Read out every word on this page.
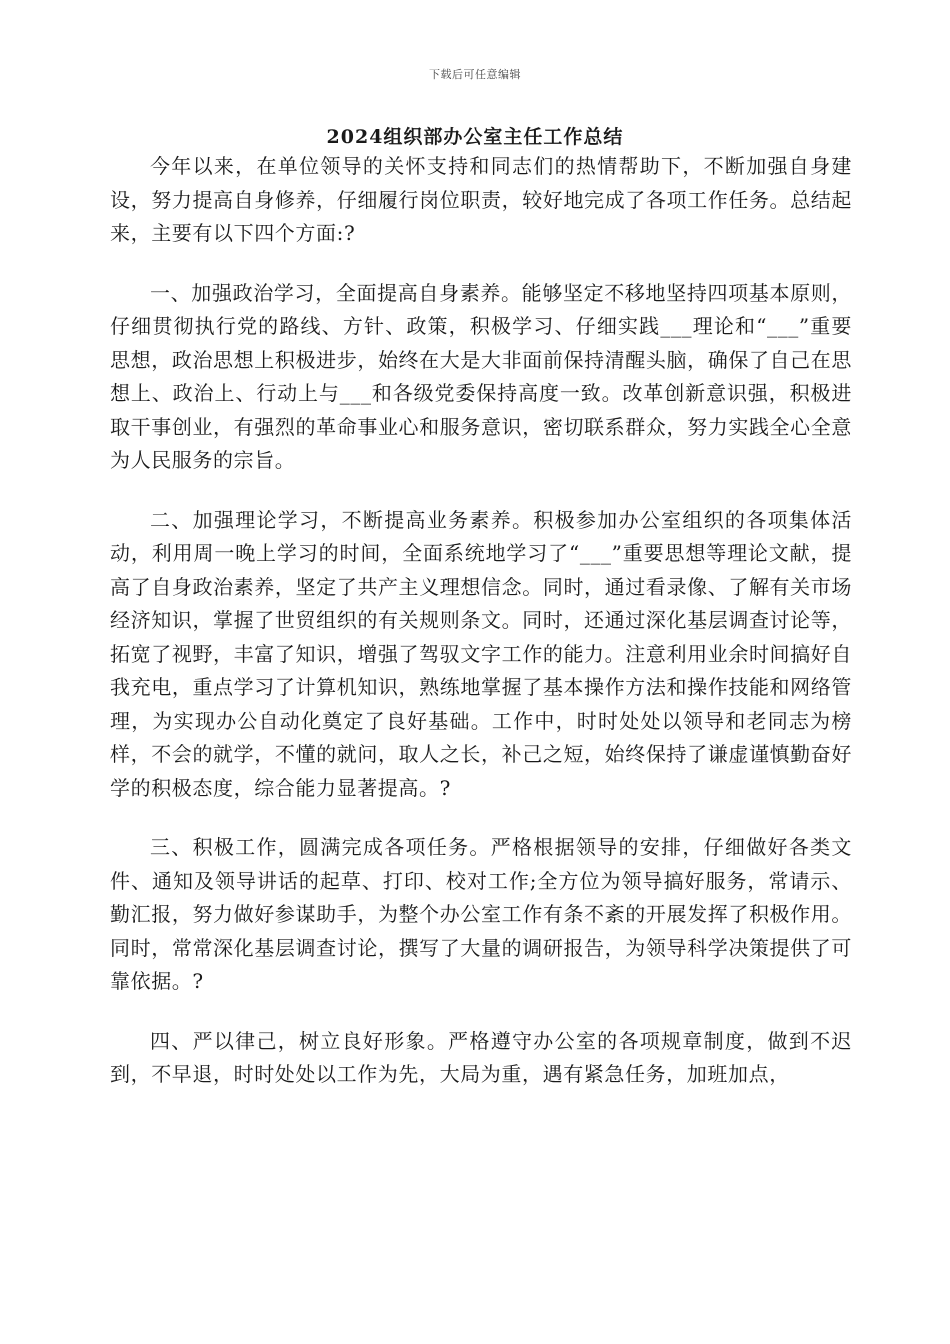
下载后可任意编辑
2024组织部办公室主任工作总结

今年以来，在单位领导的关怀支持和同志们的热情帮助下，不断加强自身建设，努力提高自身修养，仔细履行岗位职责，较好地完成了各项工作任务。总结起来，主要有以下四个方面:?

一、加强政治学习，全面提高自身素养。能够坚定不移地坚持四项基本原则，仔细贯彻执行党的路线、方针、政策，积极学习、仔细实践___理论和“___”重要思想，政治思想上积极进步，始终在大是大非面前保持清醒头脑，确保了自己在思想上、政治上、行动上与___和各级党委保持高度一致。改革创新意识强，积极进取干事创业，有强烈的革命事业心和服务意识，密切联系群众，努力实践全心全意为人民服务的宗旨。

二、加强理论学习，不断提高业务素养。积极参加办公室组织的各项集体活动，利用周一晚上学习的时间，全面系统地学习了“___”重要思想等理论文献，提高了自身政治素养，坚定了共产主义理想信念。同时，通过看录像、了解有关市场经济知识，掌握了世贸组织的有关规则条文。同时，还通过深化基层调查讨论等，拓宽了视野，丰富了知识，增强了驾驭文字工作的能力。注意利用业余时间搞好自我充电，重点学习了计算机知识，熟练地掌握了基本操作方法和操作技能和网络管理，为实现办公自动化奠定了良好基础。工作中，时时处处以领导和老同志为榜样，不会的就学，不懂的就问，取人之长，补己之短，始终保持了谦虚谨慎勤奋好学的积极态度，综合能力显著提高。?

三、积极工作，圆满完成各项任务。严格根据领导的安排，仔细做好各类文件、通知及领导讲话的起草、打印、校对工作;全方位为领导搞好服务，常请示、勤汇报，努力做好参谋助手，为整个办公室工作有条不紊的开展发挥了积极作用。同时，常常深化基层调查讨论，撰写了大量的调研报告，为领导科学决策提供了可靠依据。?

四、严以律己，树立良好形象。严格遵守办公室的各项规章制度，做到不迟到，不早退，时时处处以工作为先，大局为重，遇有紧急任务，加班加点，
